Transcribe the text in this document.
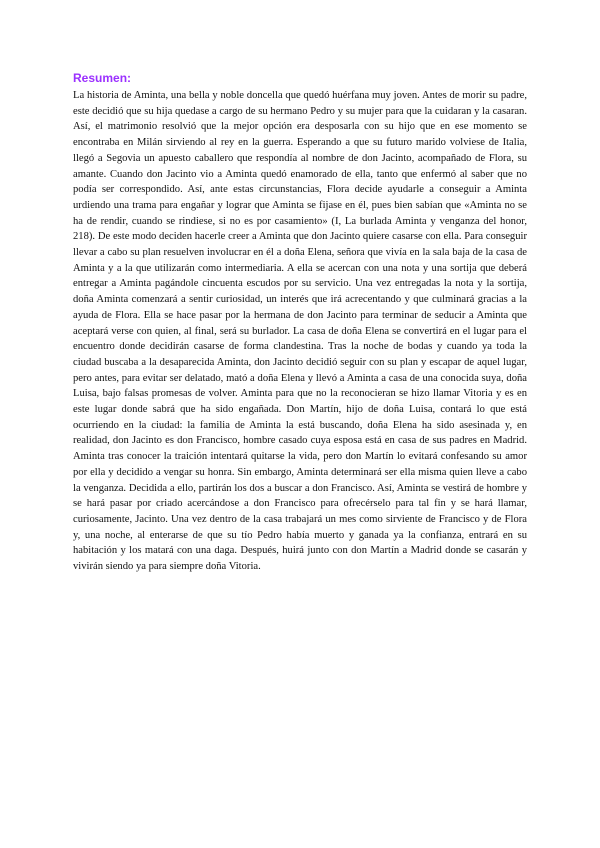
Resumen:

La historia de Aminta, una bella y noble doncella que quedó huérfana muy joven. Antes de morir su padre, este decidió que su hija quedase a cargo de su hermano Pedro y su mujer para que la cuidaran y la casaran. Así, el matrimonio resolvió que la mejor opción era desposarla con su hijo que en ese momento se encontraba en Milán sirviendo al rey en la guerra. Esperando a que su futuro marido volviese de Italia, llegó a Segovia un apuesto caballero que respondía al nombre de don Jacinto, acompañado de Flora, su amante. Cuando don Jacinto vio a Aminta quedó enamorado de ella, tanto que enfermó al saber que no podía ser correspondido. Así, ante estas circunstancias, Flora decide ayudarle a conseguir a Aminta urdiendo una trama para engañar y lograr que Aminta se fijase en él, pues bien sabían que «Aminta no se ha de rendir, cuando se rindiese, si no es por casamiento» (I, La burlada Aminta y venganza del honor, 218). De este modo deciden hacerle creer a Aminta que don Jacinto quiere casarse con ella. Para conseguir llevar a cabo su plan resuelven involucrar en él a doña Elena, señora que vivía en la sala baja de la casa de Aminta y a la que utilizarán como intermediaria. A ella se acercan con una nota y una sortija que deberá entregar a Aminta pagándole cincuenta escudos por su servicio. Una vez entregadas la nota y la sortija, doña Aminta comenzará a sentir curiosidad, un interés que irá acrecentando y que culminará gracias a la ayuda de Flora. Ella se hace pasar por la hermana de don Jacinto para terminar de seducir a Aminta que aceptará verse con quien, al final, será su burlador. La casa de doña Elena se convertirá en el lugar para el encuentro donde decidirán casarse de forma clandestina. Tras la noche de bodas y cuando ya toda la ciudad buscaba a la desaparecida Aminta, don Jacinto decidió seguir con su plan y escapar de aquel lugar, pero antes, para evitar ser delatado, mató a doña Elena y llevó a Aminta a casa de una conocida suya, doña Luisa, bajo falsas promesas de volver. Aminta para que no la reconocieran se hizo llamar Vitoria y es en este lugar donde sabrá que ha sido engañada. Don Martín, hijo de doña Luisa, contará lo que está ocurriendo en la ciudad: la familia de Aminta la está buscando, doña Elena ha sido asesinada y, en realidad, don Jacinto es don Francisco, hombre casado cuya esposa está en casa de sus padres en Madrid. Aminta tras conocer la traición intentará quitarse la vida, pero don Martín lo evitará confesando su amor por ella y decidido a vengar su honra. Sin embargo, Aminta determinará ser ella misma quien lleve a cabo la venganza. Decidida a ello, partirán los dos a buscar a don Francisco. Así, Aminta se vestirá de hombre y se hará pasar por criado acercándose a don Francisco para ofrecérselo para tal fin y se hará llamar, curiosamente, Jacinto. Una vez dentro de la casa trabajará un mes como sirviente de Francisco y de Flora y, una noche, al enterarse de que su tío Pedro había muerto y ganada ya la confianza, entrará en su habitación y los matará con una daga. Después, huirá junto con don Martín a Madrid donde se casarán y vivirán siendo ya para siempre doña Vitoria.
